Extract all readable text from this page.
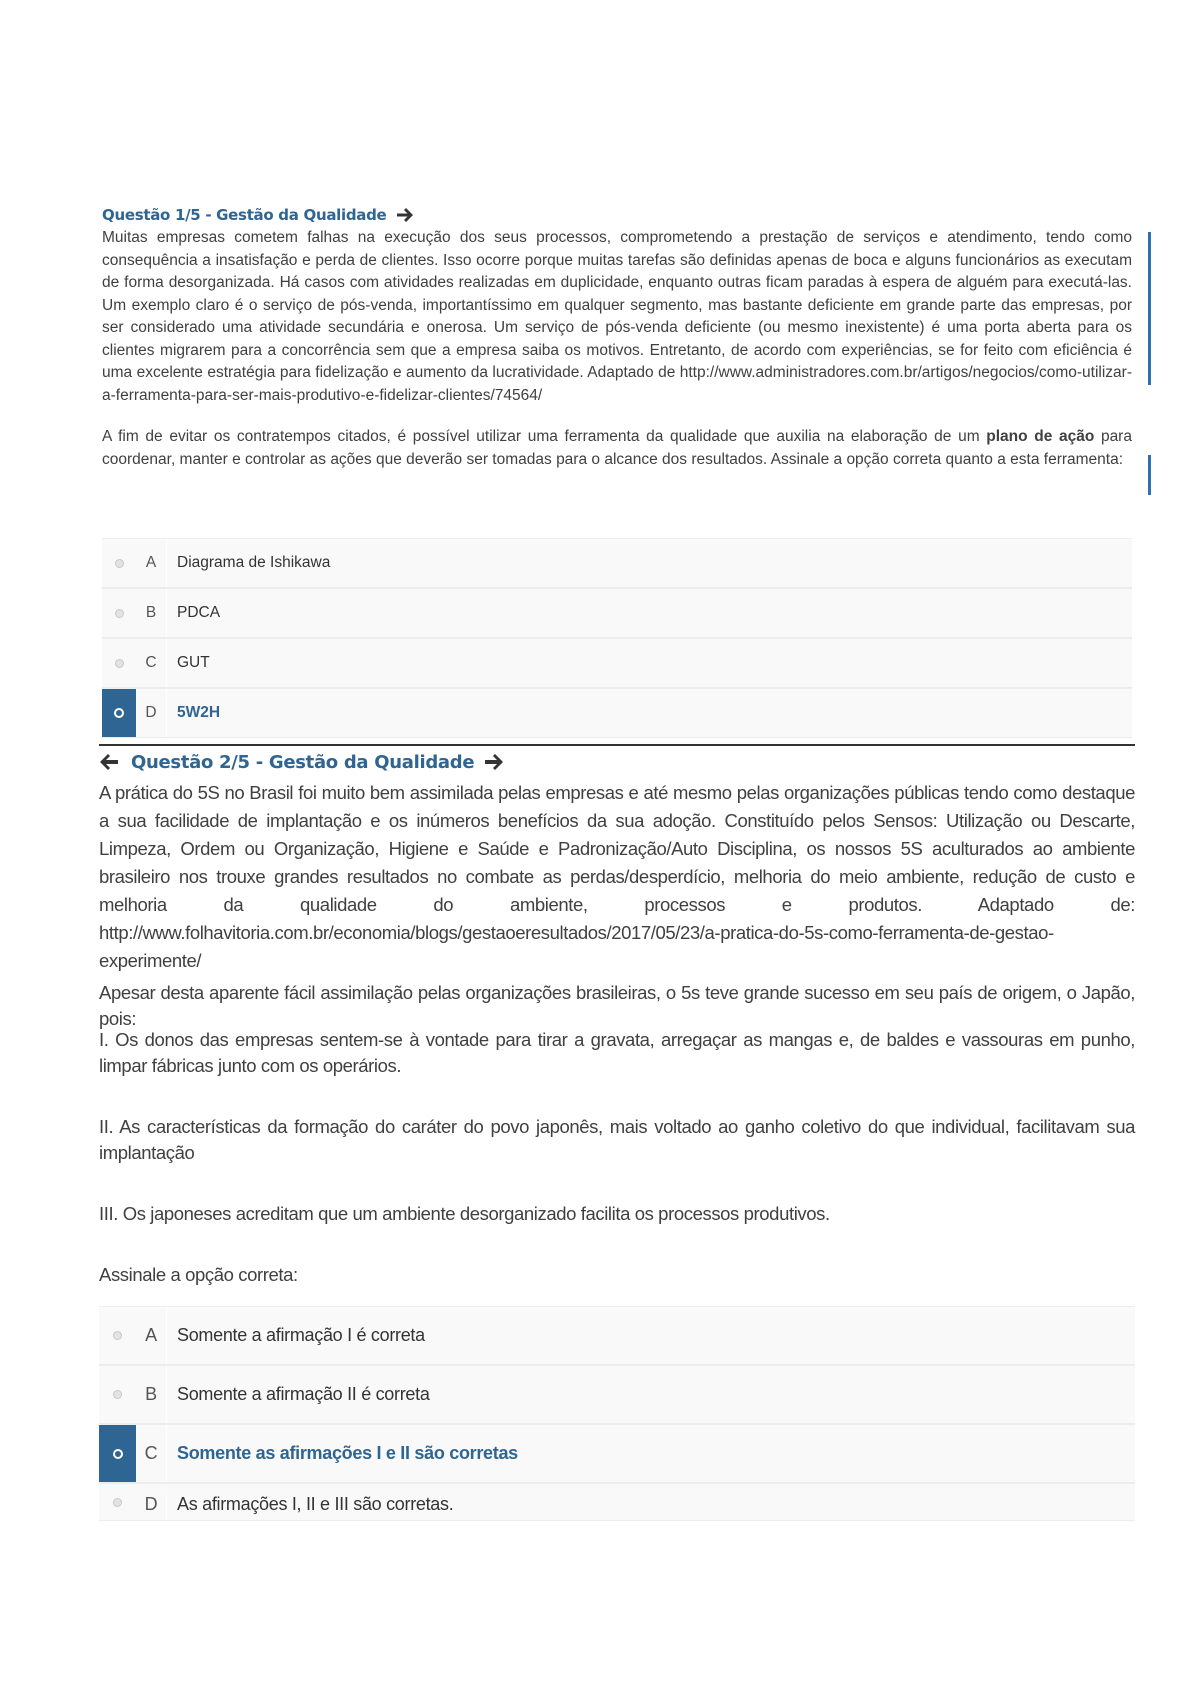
Questão 1/5 - Gestão da Qualidade

Muitas empresas cometem falhas na execução dos seus processos, comprometendo a prestação de serviços e atendimento, tendo como consequência a insatisfação e perda de clientes. Isso ocorre porque muitas tarefas são definidas apenas de boca e alguns funcionários as executam de forma desorganizada. Há casos com atividades realizadas em duplicidade, enquanto outras ficam paradas à espera de alguém para executá-las. Um exemplo claro é o serviço de pós-venda, importantíssimo em qualquer segmento, mas bastante deficiente em grande parte das empresas, por ser considerado uma atividade secundária e onerosa. Um serviço de pós-venda deficiente (ou mesmo inexistente) é uma porta aberta para os clientes migrarem para a concorrência sem que a empresa saiba os motivos. Entretanto, de acordo com experiências, se for feito com eficiência é uma excelente estratégia para fidelização e aumento da lucratividade. Adaptado de http://www.administradores.com.br/artigos/negocios/como-utilizar-a-ferramenta-para-ser-mais-produtivo-e-fidelizar-clientes/74564/

A fim de evitar os contratempos citados, é possível utilizar uma ferramenta da qualidade que auxilia na elaboração de um plano de ação para coordenar, manter e controlar as ações que deverão ser tomadas para o alcance dos resultados. Assinale a opção correta quanto a esta ferramenta:

A	Diagrama de Ishikawa
B	PDCA
C	GUT
D	5W2H
Questão 2/5 - Gestão da Qualidade
A prática do 5S no Brasil foi muito bem assimilada pelas empresas e até mesmo pelas organizações públicas tendo como destaque a sua facilidade de implantação e os inúmeros benefícios da sua adoção. Constituído pelos Sensos: Utilização ou Descarte, Limpeza, Ordem ou Organização, Higiene e Saúde e Padronização/Auto Disciplina, os nossos 5S aculturados ao ambiente brasileiro nos trouxe grandes resultados no combate as perdas/desperdício, melhoria do meio ambiente, redução de custo e melhoria da qualidade do ambiente, processos e produtos. Adaptado de: http://www.folhavitoria.com.br/economia/blogs/gestaoeresultados/2017/05/23/a-pratica-do-5s-como-ferramenta-de-gestao-experimente/

Apesar desta aparente fácil assimilação pelas organizações brasileiras, o 5s teve grande sucesso em seu país de origem, o Japão, pois:

I. Os donos das empresas sentem-se à vontade para tirar a gravata, arregaçar as mangas e, de baldes e vassouras em punho, limpar fábricas junto com os operários.

II. As características da formação do caráter do povo japonês, mais voltado ao ganho coletivo do que individual, facilitavam sua implantação

III. Os japoneses acreditam que um ambiente desorganizado facilita os processos produtivos.

Assinale a opção correta:

A	Somente a afirmação I é correta
B	Somente a afirmação II é correta
C	Somente as afirmações I e II são corretas
D	As afirmações I, II e III são corretas.
